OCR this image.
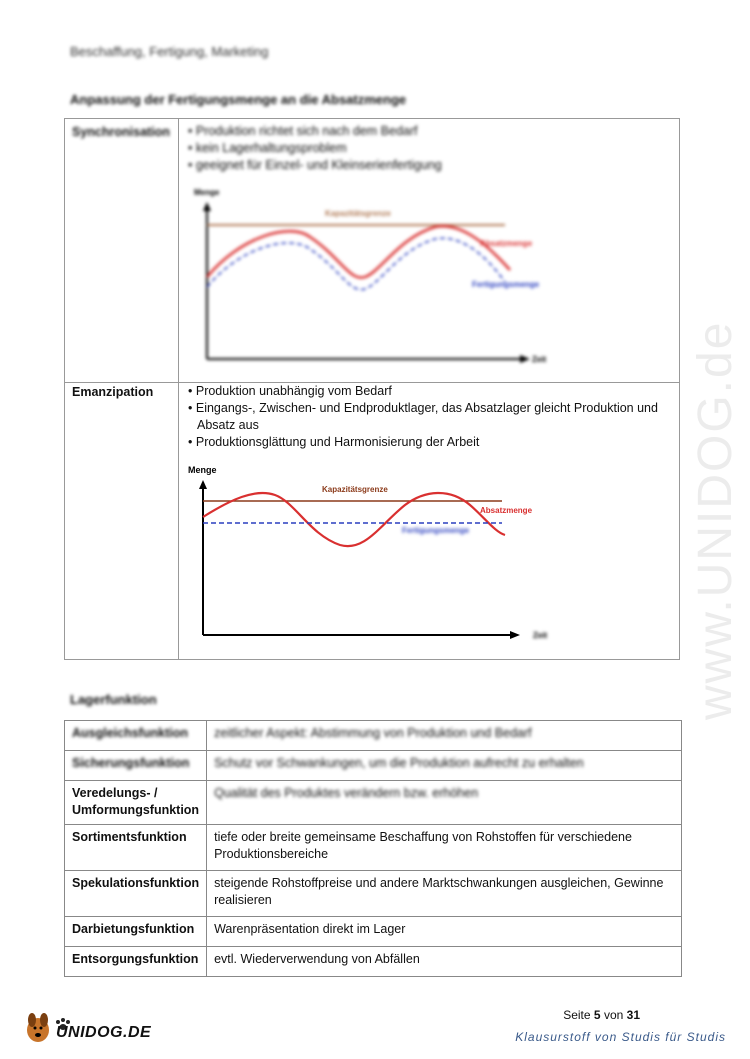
www.UNIDOG.de
Beschaffung, Fertigung, Marketing
Anpassung der Fertigungsmenge an die Absatzmenge
Synchronisation	• Produktion richtet sich nach dem Bedarf
• kein Lagerhaltungsproblem
• geeignet für Einzel- und Kleinserienfertigung
Emanzipation	• Produktion unabhängig vom Bedarf
• Eingangs-, Zwischen- und Endproduktlager, das Absatzlager gleicht Produktion und Absatz aus
• Produktionsglättung und Harmonisierung der Arbeit
Menge
Kapazitätsgrenze
Absatzmenge
Fertigungsmenge
Zeit
Menge
Kapazitätsgrenze
Absatzmenge
Fertigungsmenge
Zeit
Lagerfunktion
Ausgleichsfunktion	zeitlicher Aspekt: Abstimmung von Produktion und Bedarf
Sicherungsfunktion	Schutz vor Schwankungen, um die Produktion aufrecht zu erhalten
Veredelungs- / Umformungsfunktion	Qualität des Produktes verändern bzw. erhöhen
Sortimentsfunktion	tiefe oder breite gemeinsame Beschaffung von Rohstoffen für verschiedene Produktionsbereiche
Spekulationsfunktion	steigende Rohstoffpreise und andere Marktschwankungen ausgleichen, Gewinne realisieren
Darbietungsfunktion	Warenpräsentation direkt im Lager
Entsorgungsfunktion	evtl. Wiederverwendung von Abfällen
Seite 5 von 31
Klausurstoff von Studis für Studis
UNIDOG.DE
